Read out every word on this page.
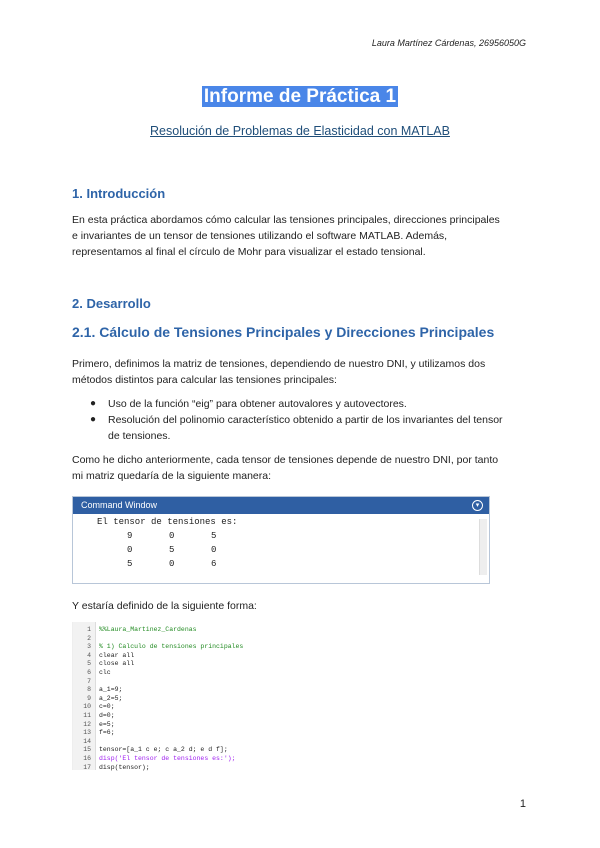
Laura Martínez Cárdenas, 26956050G
Informe de Práctica 1
Resolución de Problemas de Elasticidad con MATLAB
1. Introducción
En esta práctica abordamos cómo calcular las tensiones principales, direcciones principales
e invariantes de un tensor de tensiones utilizando el software MATLAB. Además,
representamos al final el círculo de Mohr para visualizar el estado tensional.
2. Desarrollo
2.1. Cálculo de Tensiones Principales y Direcciones Principales
Primero, definimos la matriz de tensiones, dependiendo de nuestro DNI, y utilizamos dos
métodos distintos para calcular las tensiones principales:
● Uso de la función “eig” para obtener autovalores y autovectores.
● Resolución del polinomio característico obtenido a partir de los invariantes del tensor
de tensiones.
Como he dicho anteriormente, cada tensor de tensiones depende de nuestro DNI, por tanto
mi matriz quedaría de la siguiente manera:
Command Window	▾
El tensor de tensiones es:
9	0	5
0	5	0
5	0	6
Y estaría definido de la siguiente forma:
1 %%Laura_Martinez_Cardenas
2
3 % 1) Calculo de tensiones principales
4 clear all
5 close all
6 clc
7
8 a_1=9;
9 a_2=5;
10 c=0;
11 d=0;
12 e=5;
13 f=6;
14
15 tensor=[a_1 c e; c a_2 d; e d f];
16 disp('El tensor de tensiones es:');
17 disp(tensor);
1
